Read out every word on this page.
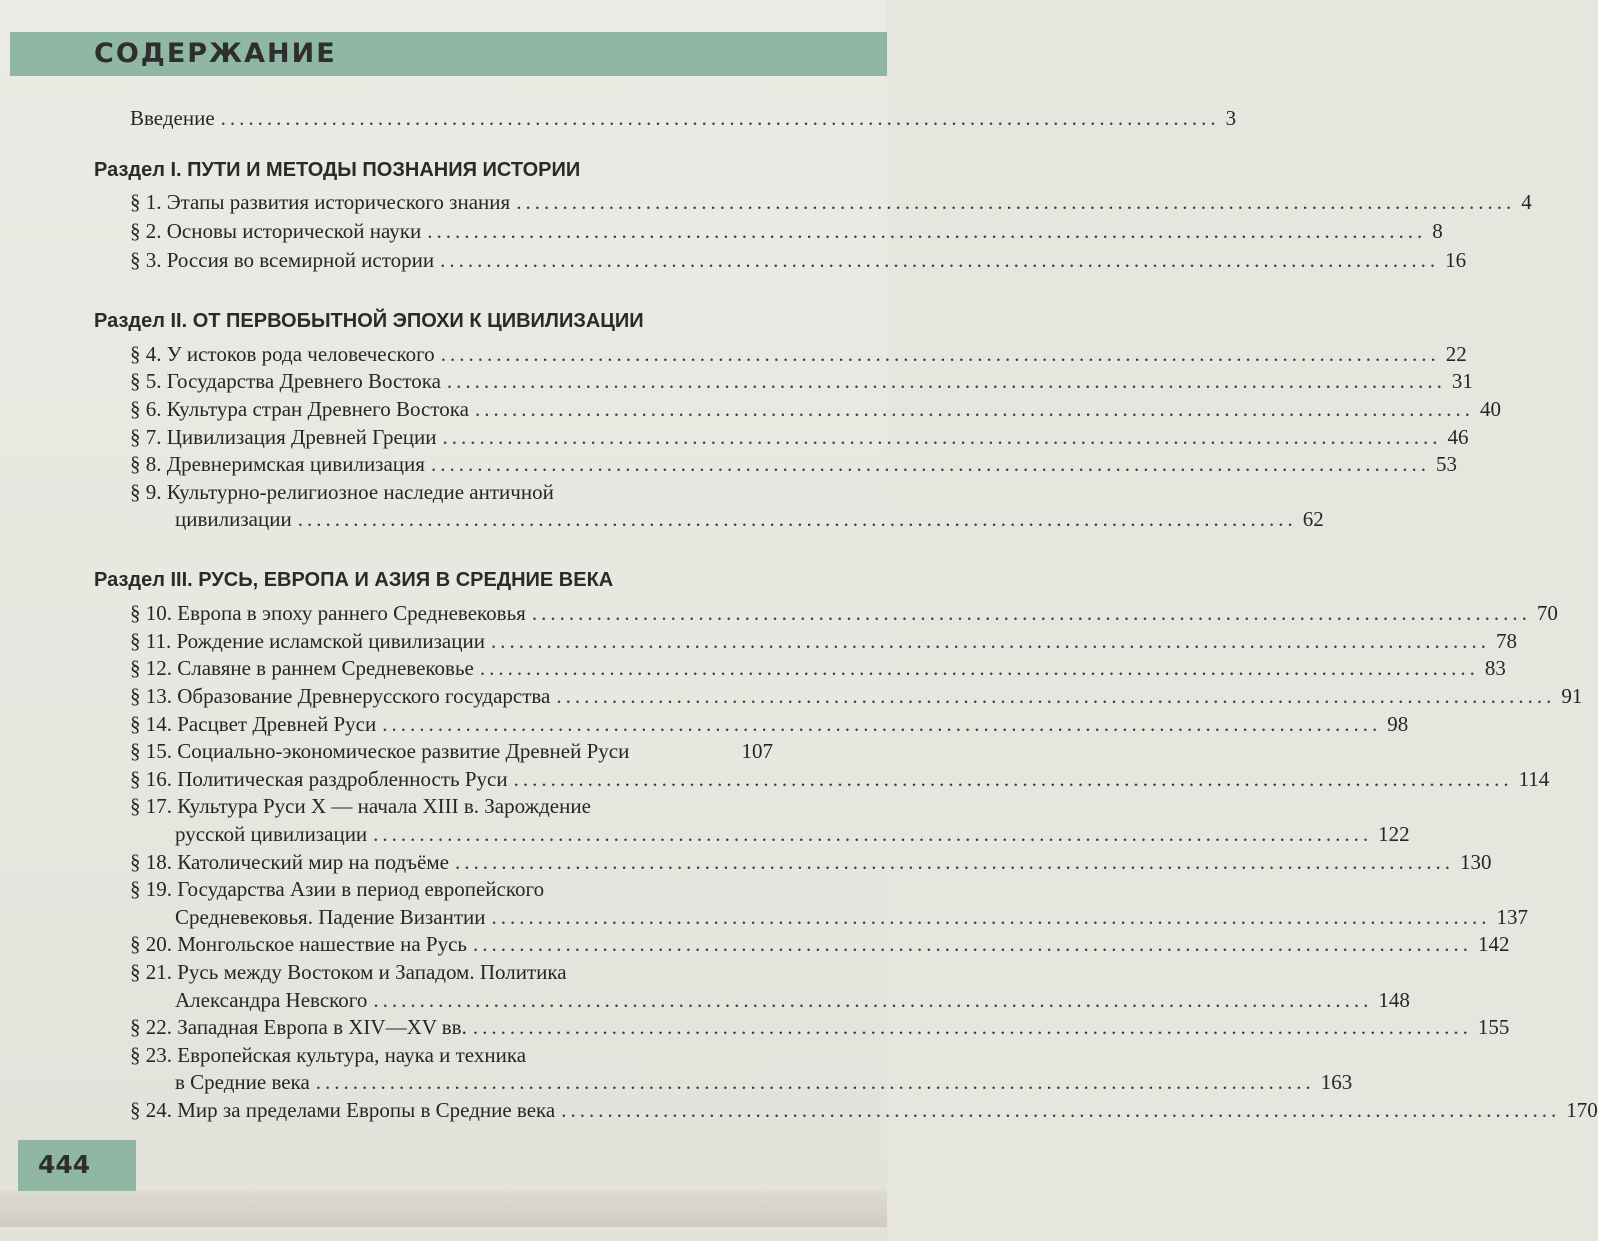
СОДЕРЖАНИЕ
Введение ............................................................................................................ 3
Раздел I. ПУТИ И МЕТОДЫ ПОЗНАНИЯ ИСТОРИИ
§ 1. Этапы развития исторического знания ............................................................................................................ 4
§ 2. Основы исторической науки ............................................................................................................ 8
§ 3. Россия во всемирной истории ............................................................................................................ 16
Раздел II. ОТ ПЕРВОБЫТНОЙ ЭПОХИ К ЦИВИЛИЗАЦИИ
§ 4. У истоков рода человеческого ............................................................................................................ 22
§ 5. Государства Древнего Востока ............................................................................................................ 31
§ 6. Культура стран Древнего Востока ............................................................................................................ 40
§ 7. Цивилизация Древней Греции ............................................................................................................ 46
§ 8. Древнеримская цивилизация ............................................................................................................ 53
§ 9. Культурно-религиозное наследие античной
цивилизации ............................................................................................................ 62
Раздел III. РУСЬ, ЕВРОПА И АЗИЯ В СРЕДНИЕ ВЕКА
§ 10. Европа в эпоху раннего Средневековья ............................................................................................................ 70
§ 11. Рождение исламской цивилизации ............................................................................................................ 78
§ 12. Славяне в раннем Средневековье ............................................................................................................ 83
§ 13. Образование Древнерусского государства ............................................................................................................ 91
§ 14. Расцвет Древней Руси ............................................................................................................ 98
§ 15. Социально-экономическое развитие Древней Руси	107
§ 16. Политическая раздробленность Руси ............................................................................................................ 114
§ 17. Культура Руси X — начала XIII в. Зарождение
русской цивилизации ............................................................................................................ 122
§ 18. Католический мир на подъёме ............................................................................................................ 130
§ 19. Государства Азии в период европейского
Средневековья. Падение Византии ............................................................................................................ 137
§ 20. Монгольское нашествие на Русь ............................................................................................................ 142
§ 21. Русь между Востоком и Западом. Политика
Александра Невского ............................................................................................................ 148
§ 22. Западная Европа в XIV—XV вв. ............................................................................................................ 155
§ 23. Европейская культура, наука и техника
в Средние века ............................................................................................................ 163
§ 24. Мир за пределами Европы в Средние века ............................................................................................................ 170
444
